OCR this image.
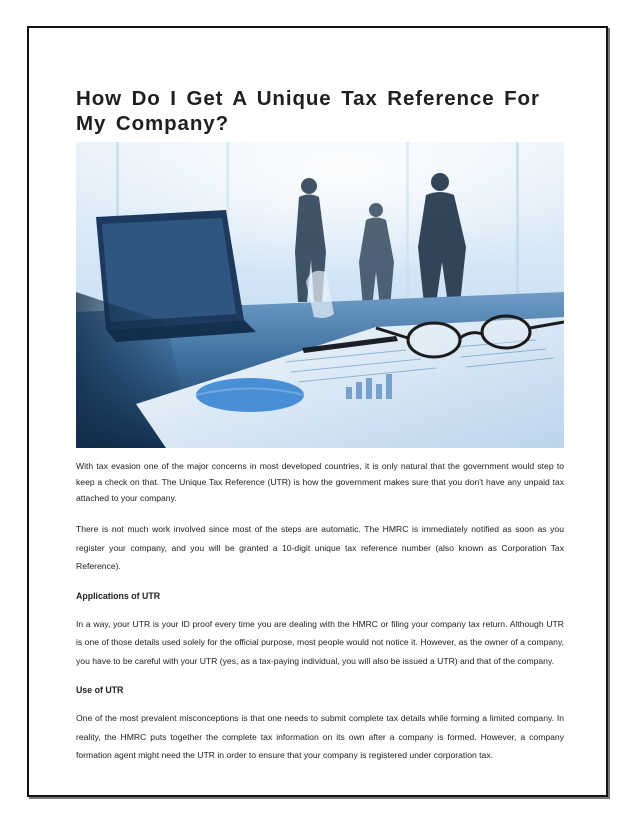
How Do I Get A Unique Tax Reference For My Company?

With tax evasion one of the major concerns in most developed countries, it is only natural that the government would step to keep a check on that. The Unique Tax Reference (UTR) is how the government makes sure that you don't have any unpaid tax attached to your company.

There is not much work involved since most of the steps are automatic. The HMRC is immediately notified as soon as you register your company, and you will be granted a 10-digit unique tax reference number (also known as Corporation Tax Reference).

Applications of UTR

In a way, your UTR is your ID proof every time you are dealing with the HMRC or filing your company tax return. Although UTR is one of those details used solely for the official purpose, most people would not notice it. However, as the owner of a company, you have to be careful with your UTR (yes, as a tax-paying individual, you will also be issued a UTR) and that of the company.

Use of UTR

One of the most prevalent misconceptions is that one needs to submit complete tax details while forming a limited company. In reality, the HMRC puts together the complete tax information on its own after a company is formed. However, a company formation agent might need the UTR in order to ensure that your company is registered under corporation tax.
